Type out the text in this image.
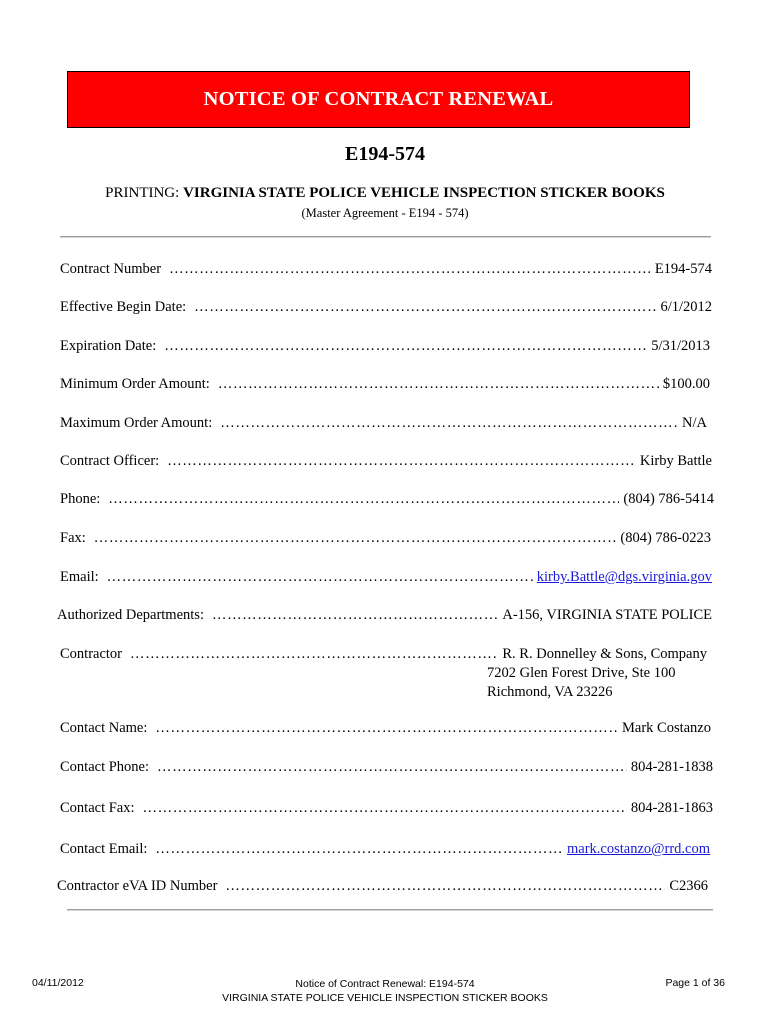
NOTICE OF CONTRACT RENEWAL
E194-574
PRINTING: VIRGINIA STATE POLICE VEHICLE INSPECTION STICKER BOOKS
(Master Agreement - E194 - 574)
Contract Number ……………………………………………………………………………………………………………………………………………………………………………………	E194-574
Effective Begin Date: ……………………………………………………………………………………………………………………………………………………………………………………	6/1/2012
Expiration Date: ……………………………………………………………………………………………………………………………………………………………………………………	5/31/2013
Minimum Order Amount: ……………………………………………………………………………………………………………………………………………………………………………………	$100.00
Maximum Order Amount: ……………………………………………………………………………………………………………………………………………………………………………………	N/A
Contract Officer: ……………………………………………………………………………………………………………………………………………………………………………………	Kirby Battle
Phone: ……………………………………………………………………………………………………………………………………………………………………………………	(804) 786-5414
Fax: ……………………………………………………………………………………………………………………………………………………………………………………	(804) 786-0223
Email: ……………………………………………………………………………………………………………………………………………………………………………………	kirby.Battle@dgs.virginia.gov
Authorized Departments: ……………………………………………………………………………………………………………………………………………………………………………………	A-156, VIRGINIA STATE POLICE
Contractor ……………………………………………………………………………………………………………………………………………………………………………………	R. R. Donnelley & Sons, Company
7202 Glen Forest Drive, Ste 100
Richmond, VA 23226
Contact Name: ……………………………………………………………………………………………………………………………………………………………………………………	Mark Costanzo
Contact Phone: ……………………………………………………………………………………………………………………………………………………………………………………	804-281-1838
Contact Fax: ……………………………………………………………………………………………………………………………………………………………………………………	804-281-1863
Contact Email: ……………………………………………………………………………………………………………………………………………………………………………………	mark.costanzo@rrd.com
Contractor eVA ID Number ……………………………………………………………………………………………………………………………………………………………………………………	C2366
04/11/2012	Notice of Contract Renewal: E194-574
VIRGINIA STATE POLICE VEHICLE INSPECTION STICKER BOOKS
Page 1 of 36
